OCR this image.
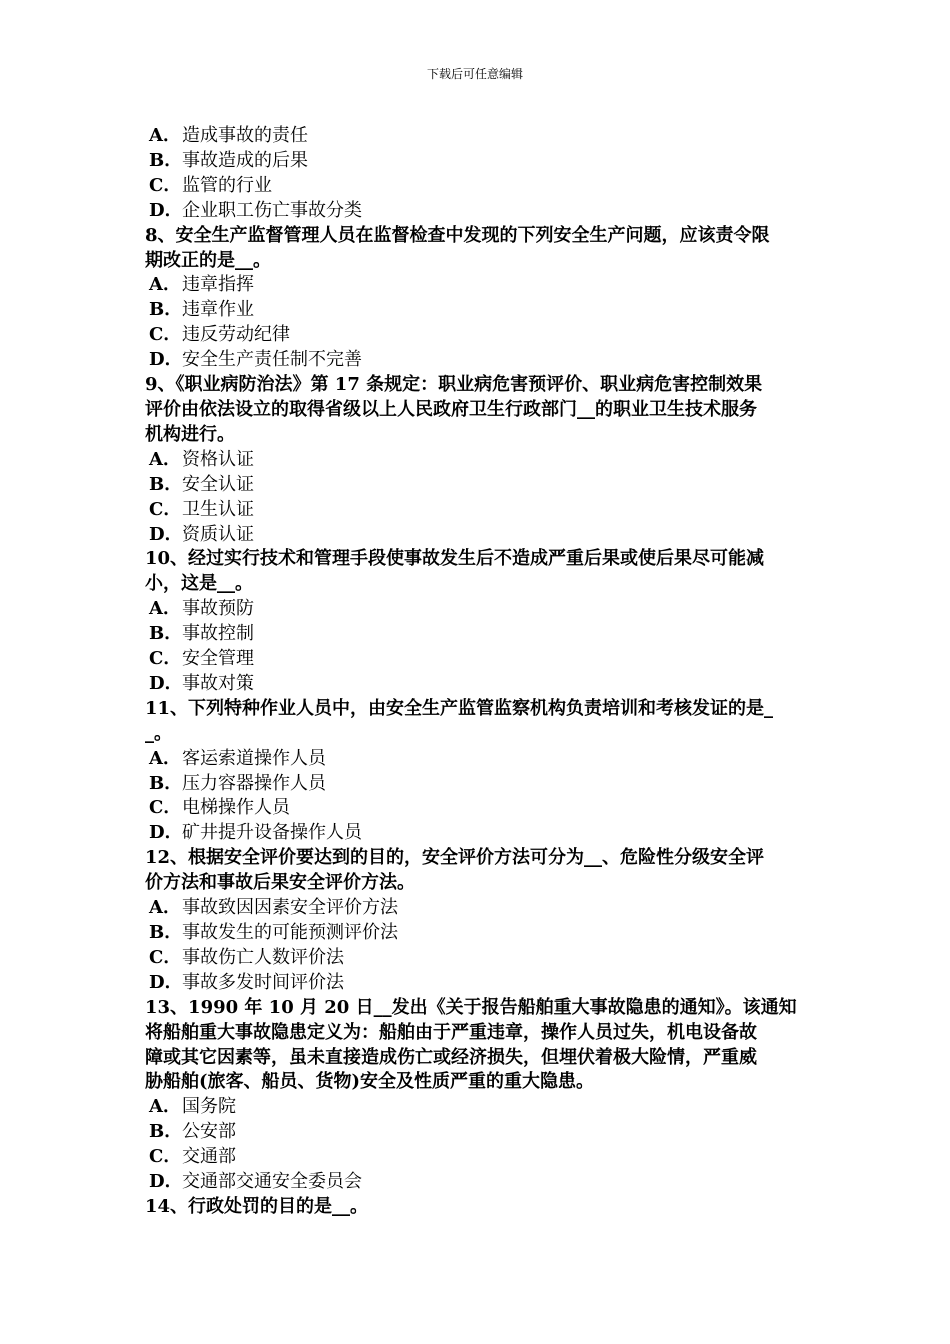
下载后可任意编辑
A．造成事故的责任
B．事故造成的后果
C．监管的行业
D．企业职工伤亡事故分类
8、安全生产监督管理人员在监督检查中发现的下列安全生产问题，应该责令限
期改正的是__。
A．违章指挥
B．违章作业
C．违反劳动纪律
D．安全生产责任制不完善
9、《职业病防治法》第 17 条规定：职业病危害预评价、职业病危害控制效果
评价由依法设立的取得省级以上人民政府卫生行政部门__的职业卫生技术服务
机构进行。
A．资格认证
B．安全认证
C．卫生认证
D．资质认证
10、经过实行技术和管理手段使事故发生后不造成严重后果或使后果尽可能减
小，这是__。
A．事故预防
B．事故控制
C．安全管理
D．事故对策
11、下列特种作业人员中，由安全生产监管监察机构负责培训和考核发证的是_
_。
A．客运索道操作人员
B．压力容器操作人员
C．电梯操作人员
D．矿井提升设备操作人员
12、根据安全评价要达到的目的，安全评价方法可分为__、危险性分级安全评
价方法和事故后果安全评价方法。
A．事故致因因素安全评价方法
B．事故发生的可能预测评价法
C．事故伤亡人数评价法
D．事故多发时间评价法
13、1990 年 10 月 20 日__发出《关于报告船舶重大事故隐患的通知》。该通知
将船舶重大事故隐患定义为：船舶由于严重违章，操作人员过失，机电设备故
障或其它因素等，虽未直接造成伤亡或经济损失，但埋伏着极大险情，严重威
胁船舶(旅客、船员、货物)安全及性质严重的重大隐患。
A．国务院
B．公安部
C．交通部
D．交通部交通安全委员会
14、行政处罚的目的是__。
